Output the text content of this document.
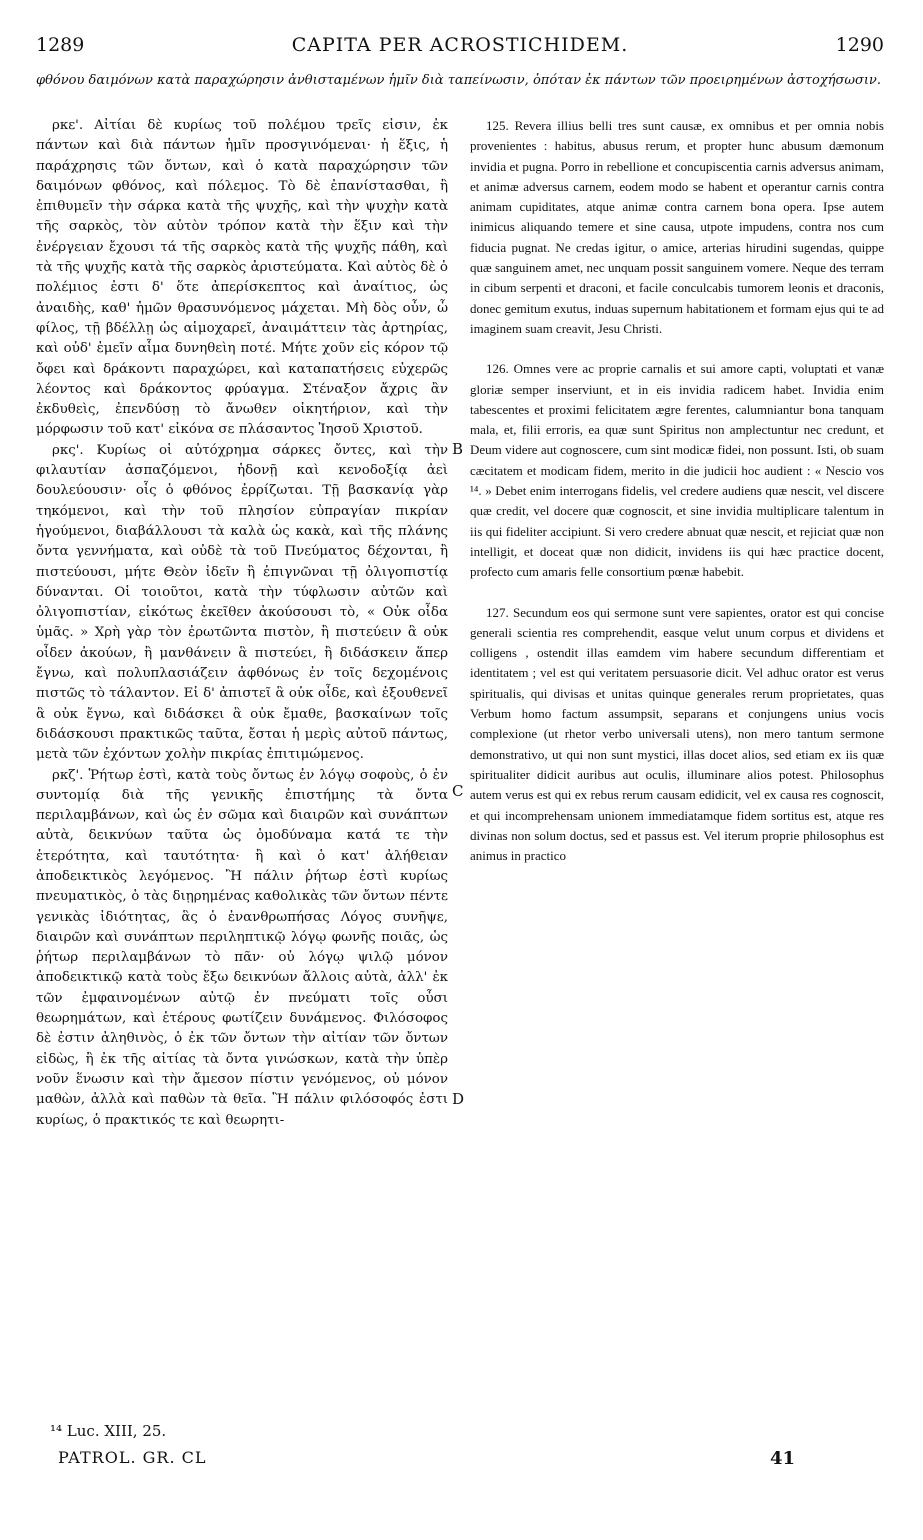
1289	CAPITA PER ACROSTICHIDEM.	1290
φθόνου δαιμόνων κατὰ παραχώρησιν ἀνθισταμένων ἡμῖν διὰ ταπείνωσιν, ὁπόταν ἐκ πάντων τῶν προειρημένων ἀστοχήσωσιν.

ρκε'. Αἰτίαι δὲ κυρίως τοῦ πολέμου τρεῖς εἰσιν, ἐκ πάντων καὶ διὰ πάντων ἡμῖν προσγινόμεναι· ἡ ἕξις, ἡ παράχρησις τῶν ὄντων, καὶ ὁ κατὰ παραχώρησιν τῶν δαιμόνων φθόνος, καὶ πόλεμος. Τὸ δὲ ἐπανίστασθαι, ἢ ἐπιθυμεῖν τὴν σάρκα κατὰ τῆς ψυχῆς, καὶ τὴν ψυχὴν κατὰ τῆς σαρκὸς, τὸν αὐτὸν τρόπον κατὰ τὴν ἕξιν καὶ τὴν ἐνέργειαν ἔχουσι τά τῆς σαρκὸς κατὰ τῆς ψυχῆς πάθη, καὶ τὰ τῆς ψυχῆς κατὰ τῆς σαρκὸς ἀριστεύματα. Καὶ αὐτὸς δὲ ὁ πολέμιος ἐστι δ' ὅτε ἀπερίσκεπτος καὶ ἀναίτιος, ὡς ἀναιδὴς, καθ' ἡμῶν θρασυνόμενος μάχεται. Μὴ δὸς οὖν, ὦ φίλος, τῇ βδέλλῃ ὡς αἱμοχαρεῖ, ἀναιμάττειν τὰς ἀρτηρίας, καὶ οὐδ' ἐμεῖν αἷμα δυνηθεὶη ποτέ. Μήτε χοῦν εἰς κόρον τῷ ὄφει καὶ δράκοντι παραχώρει, καὶ καταπατήσεις εὐχερῶς λέοντος καὶ δράκοντος φρύαγμα. Στέναξον ἄχρις ἂν ἐκδυθεὶς, ἐπενδύσῃ τὸ ἄνωθεν οἰκητήριον, καὶ τὴν μόρφωσιν τοῦ κατ' εἰκόνα σε πλάσαντος Ἰησοῦ Χριστοῦ.

ρκς'. Κυρίως οἱ αὐτόχρημα σάρκες ὄντες, καὶ τὴν φιλαυτίαν ἀσπαζόμενοι, ἡδονῇ καὶ κενοδοξίᾳ ἀεὶ δουλεύουσιν· οἷς ὁ φθόνος ἐρρίζωται. Τῇ βασκανίᾳ γὰρ τηκόμενοι, καὶ τὴν τοῦ πλησίον εὐπραγίαν πικρίαν ἡγούμενοι, διαβάλλουσι τὰ καλὰ ὡς κακὰ, καὶ τῆς πλάνης ὄντα γεννήματα, καὶ οὐδὲ τὰ τοῦ Πνεύματος δέχονται, ἢ πιστεύουσι, μήτε Θεὸν ἰδεῖν ἢ ἐπιγνῶναι τῇ ὀλιγοπιστίᾳ δύνανται. Οἱ τοιοῦτοι, κατὰ τὴν τύφλωσιν αὐτῶν καὶ ὀλιγοπιστίαν, εἰκότως ἐκεῖθεν ἀκούσουσι τὸ, « Οὐκ οἶδα ὑμᾶς. » Χρὴ γὰρ τὸν ἐρωτῶντα πιστὸν, ἢ πιστεύειν ἃ οὐκ οἶδεν ἀκούων, ἢ μανθάνειν ἃ πιστεύει, ἢ διδάσκειν ἅπερ ἔγνω, καὶ πολυπλασιάζειν ἀφθόνως ἐν τοῖς δεχομένοις πιστῶς τὸ τάλαντον. Εἰ δ' ἀπιστεῖ ἃ οὐκ οἶδε, καὶ ἐξουθενεῖ ἃ οὐκ ἔγνω, καὶ διδάσκει ἃ οὐκ ἔμαθε, βασκαίνων τοῖς διδάσκουσι πρακτικῶς ταῦτα, ἔσται ἡ μερὶς αὐτοῦ πάντως, μετὰ τῶν ἐχόντων χολὴν πικρίας ἐπιτιμώμενος.

ρκζ'. Ῥήτωρ ἐστὶ, κατὰ τοὺς ὄντως ἐν λόγῳ σοφοὺς, ὁ ἐν συντομίᾳ διὰ τῆς γενικῆς ἐπιστήμης τὰ ὄντα περιλαμβάνων, καὶ ὡς ἐν σῶμα καὶ διαιρῶν καὶ συνάπτων αὐτὰ, δεικνύων ταῦτα ὡς ὁμοδύναμα κατά τε τὴν ἑτερότητα, καὶ ταυτότητα· ἢ καὶ ὁ κατ' ἀλήθειαν ἀποδεικτικὸς λεγόμενος. Ἢ πάλιν ῥήτωρ ἐστὶ κυρίως πνευματικὸς, ὁ τὰς διῃρημένας καθολικὰς τῶν ὄντων πέντε γενικὰς ἰδιότητας, ἃς ὁ ἐνανθρωπήσας Λόγος συνῆψε, διαιρῶν καὶ συνάπτων περιληπτικῷ λόγῳ φωνῆς ποιᾶς, ὡς ῥήτωρ περιλαμβάνων τὸ πᾶν· οὐ λόγῳ ψιλῷ μόνον ἀποδεικτικῷ κατὰ τοὺς ἔξω δεικνύων ἄλλοις αὐτὰ, ἀλλ' ἐκ τῶν ἐμφαινομένων αὐτῷ ἐν πνεύματι τοῖς οὖσι θεωρημάτων, καὶ ἑτέρους φωτίζειν δυνάμενος. Φιλόσοφος δὲ ἐστιν ἀληθινὸς, ὁ ἐκ τῶν ὄντων τὴν αἰτίαν τῶν ὄντων εἰδὼς, ἢ ἐκ τῆς αἰτίας τὰ ὄντα γινώσκων, κατὰ τὴν ὑπὲρ νοῦν ἕνωσιν καὶ τὴν ἄμεσον πίστιν γενόμενος, οὐ μόνον μαθὼν, ἀλλὰ καὶ παθὼν τὰ θεῖα. Ἢ πάλιν φιλόσοφός ἐστι κυρίως, ὁ πρακτικός τε καὶ θεωρητι-

B
C
D

125. Revera illius belli tres sunt causæ, ex omnibus et per omnia nobis provenientes : habitus, abusus rerum, et propter hunc abusum dæmonum invidia et pugna. Porro in rebellione et concupiscentia carnis adversus animam, et animæ adversus carnem, eodem modo se habent et operantur carnis contra animam cupiditates, atque animæ contra carnem bona opera. Ipse autem inimicus aliquando temere et sine causa, utpote impudens, contra nos cum fiducia pugnat. Ne credas igitur, o amice, arterias hirudini sugendas, quippe quæ sanguinem amet, nec unquam possit sanguinem vomere. Neque des terram in cibum serpenti et draconi, et facile conculcabis tumorem leonis et draconis, donec gemitum exutus, induas supernum habitationem et formam ejus qui te ad imaginem suam creavit, Jesu Christi.

126. Omnes vere ac proprie carnalis et sui amore capti, voluptati et vanæ gloriæ semper inserviunt, et in eis invidia radicem habet. Invidia enim tabescentes et proximi felicitatem ægre ferentes, calumniantur bona tanquam mala, et, filii erroris, ea quæ sunt Spiritus non amplectuntur nec credunt, et Deum videre aut cognoscere, cum sint modicæ fidei, non possunt. Isti, ob suam cæcitatem et modicam fidem, merito in die judicii hoc audient : « Nescio vos ¹⁴. » Debet enim interrogans fidelis, vel credere audiens quæ nescit, vel discere quæ credit, vel docere quæ cognoscit, et sine invidia multiplicare talentum in iis qui fideliter accipiunt. Si vero credere abnuat quæ nescit, et rejiciat quæ non intelligit, et doceat quæ non didicit, invidens iis qui hæc practice docent, profecto cum amaris felle consortium pœnæ habebit.

127. Secundum eos qui sermone sunt vere sapientes, orator est qui concise generali scientia res comprehendit, easque velut unum corpus et dividens et colligens , ostendit illas eamdem vim habere secundum differentiam et identitatem ; vel est qui veritatem persuasorie dicit. Vel adhuc orator est verus spiritualis, qui divisas et unitas quinque generales rerum proprietates, quas Verbum homo factum assumpsit, separans et conjungens unius vocis complexione (ut rhetor verbo universali utens), non mero tantum sermone demonstrativo, ut qui non sunt mystici, illas docet alios, sed etiam ex iis quæ spiritualiter didicit auribus aut oculis, illuminare alios potest. Philosophus autem verus est qui ex rebus rerum causam edidicit, vel ex causa res cognoscit, et qui incomprehensam unionem immediatamque fidem sortitus est, atque res divinas non solum doctus, sed et passus est. Vel iterum proprie philosophus est animus in practico

¹⁴ Luc. XIII, 25.
PATROL. GR. CL	41
